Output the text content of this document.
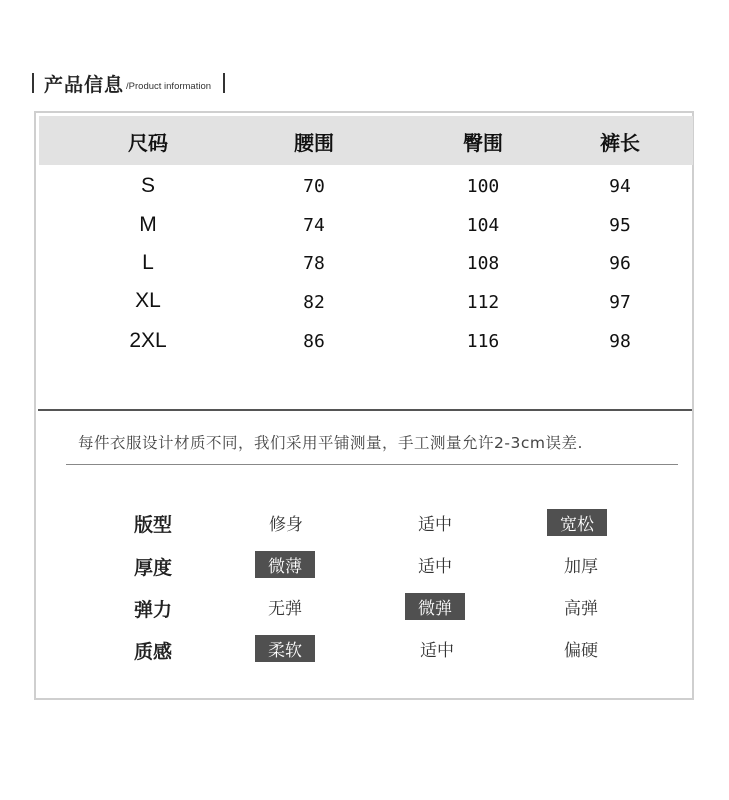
产品信息 /Product information
尺码	腰围	臀围	裤长
S	70	100	94
M	74	104	95
L	78	108	96
XL	82	112	97
2XL	86	116	98
每件衣服设计材质不同，我们采用平铺测量，手工测量允许2-3cm误差.
版型	修身	适中	宽松
厚度	微薄	适中	加厚
弹力	无弹	微弹	高弹
质感	柔软	适中	偏硬
